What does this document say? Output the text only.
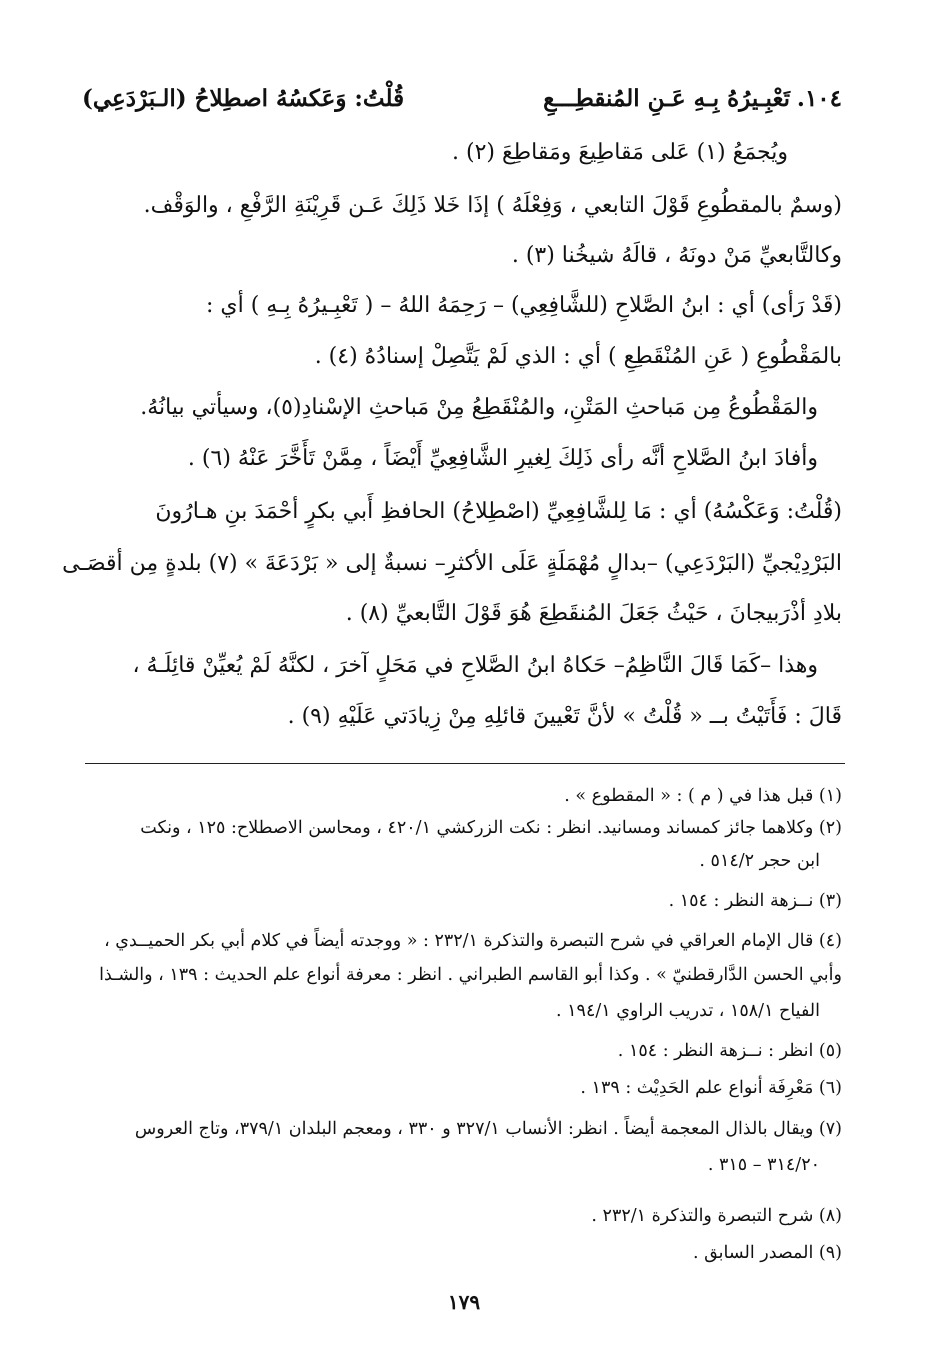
١٠٤.
تَعْبِـيرُهُ بِـهِ عَـنِ المُنقطِـــعِ
قُلْتُ: وَعَكسُهُ اصطِلاحُ (الـبَرْدَعِي)
ويُجمَعُ (١) عَلى مَقاطِيعَ ومَقاطِعَ (٢) .
(وسمٌ بالمقطُوعِ قَوْلَ التابعي ، وَفِعْلَهُ ) إذَا خَلا ذَلِكَ عَـن قَرِيْنَةِ الرَّفْعِ ، والوَقْف.
وكالتَّابعيِّ مَنْ دونَهُ ، قالَهُ شيخُنا (٣) .
(قَدْ رَأى) أي : ابنُ الصَّلاحِ (للشَّافِعِي) – رَحِمَهُ اللهُ – ( تَعْبِـيرُهُ بِـهِ ) أي :
بالمَقْطُوعِ ( عَنِ المُنْقَطِعِ ) أي : الذي لَمْ يَتَّصِلْ إسنادُهُ (٤) .
والمَقْطُوعُ مِن مَباحثِ المَتْنِ، والمُنْقَطِعُ مِنْ مَباحثِ الإسْنادِ(٥)، وسيأتي بيانُهُ.
وأفادَ ابنُ الصَّلاحِ أنَّه رأى ذَلِكَ لِغيرِ الشَّافِعِيِّ أَيْضَاً ، مِمَّنْ تَأَخَّرَ عَنْهُ (٦) .
(قُلْتُ: وَعَكْسُهُ) أي : مَا لِلشَّافِعِيِّ (اصْطِلاحُ) الحافظِ أَبي بكرٍ أحْمَدَ بنِ هـارُونَ
البَرْدِيْجيِّ (البَرْدَعِي) –بدالٍ مُهْمَلَةٍ عَلَى الأكثرِ– نسبةٌ إلى « بَرْدَعَةَ » (٧) بلدةٍ مِن أقصَـى
بلادِ أذْرَبيجانَ ، حَيْثُ جَعَلَ المُنقَطِعَ هُوَ قَوْلَ التَّابعيِّ (٨) .
وهذا –كَمَا قَالَ النَّاظِمُ– حَكاهُ ابنُ الصَّلاحِ في مَحَلٍ آخرَ ، لكنَّهُ لَمْ يُعيِّنْ قائِلَـهُ ،
قَالَ : فَأَتَيْتُ بــ « قُلْتُ » لأنَّ تَعْيينَ قائلِهِ مِنْ زِيادَتي عَلَيْهِ (٩) .
(١) قبل هذا في ( م ) : « المقطوع » .
(٢) وكلاهما جائز كمساند ومسانيد. انظر : نكت الزركشي ٤٢٠/١ ، ومحاسن الاصطلاح: ١٢٥ ، ونكت
ابن حجر ٥١٤/٢ .
(٣) نــزهة النظر : ١٥٤ .
(٤) قال الإمام العراقي في شرح التبصرة والتذكرة ٢٣٢/١ : « ووجدته أيضاً في كلام أبي بكر الحميــدي ،
وأبي الحسن الدَّارقطنيّ » . وكذا أبو القاسم الطبراني . انظر : معرفة أنواع علم الحديث : ١٣٩ ، والشـذا
الفياح ١٥٨/١ ، تدريب الراوي ١٩٤/١ .
(٥) انظر : نــزهة النظر : ١٥٤ .
(٦) مَعْرِفَة أنواع علم الحَدِيْث : ١٣٩ .
(٧) ويقال بالذال المعجمة أيضاً . انظر: الأنساب ٣٢٧/١ و ٣٣٠ ، ومعجم البلدان ٣٧٩/١، وتاج العروس
٣١٤/٢٠ – ٣١٥ .
(٨) شرح التبصرة والتذكرة ٢٣٢/١ .
(٩) المصدر السابق .
١٧٩
